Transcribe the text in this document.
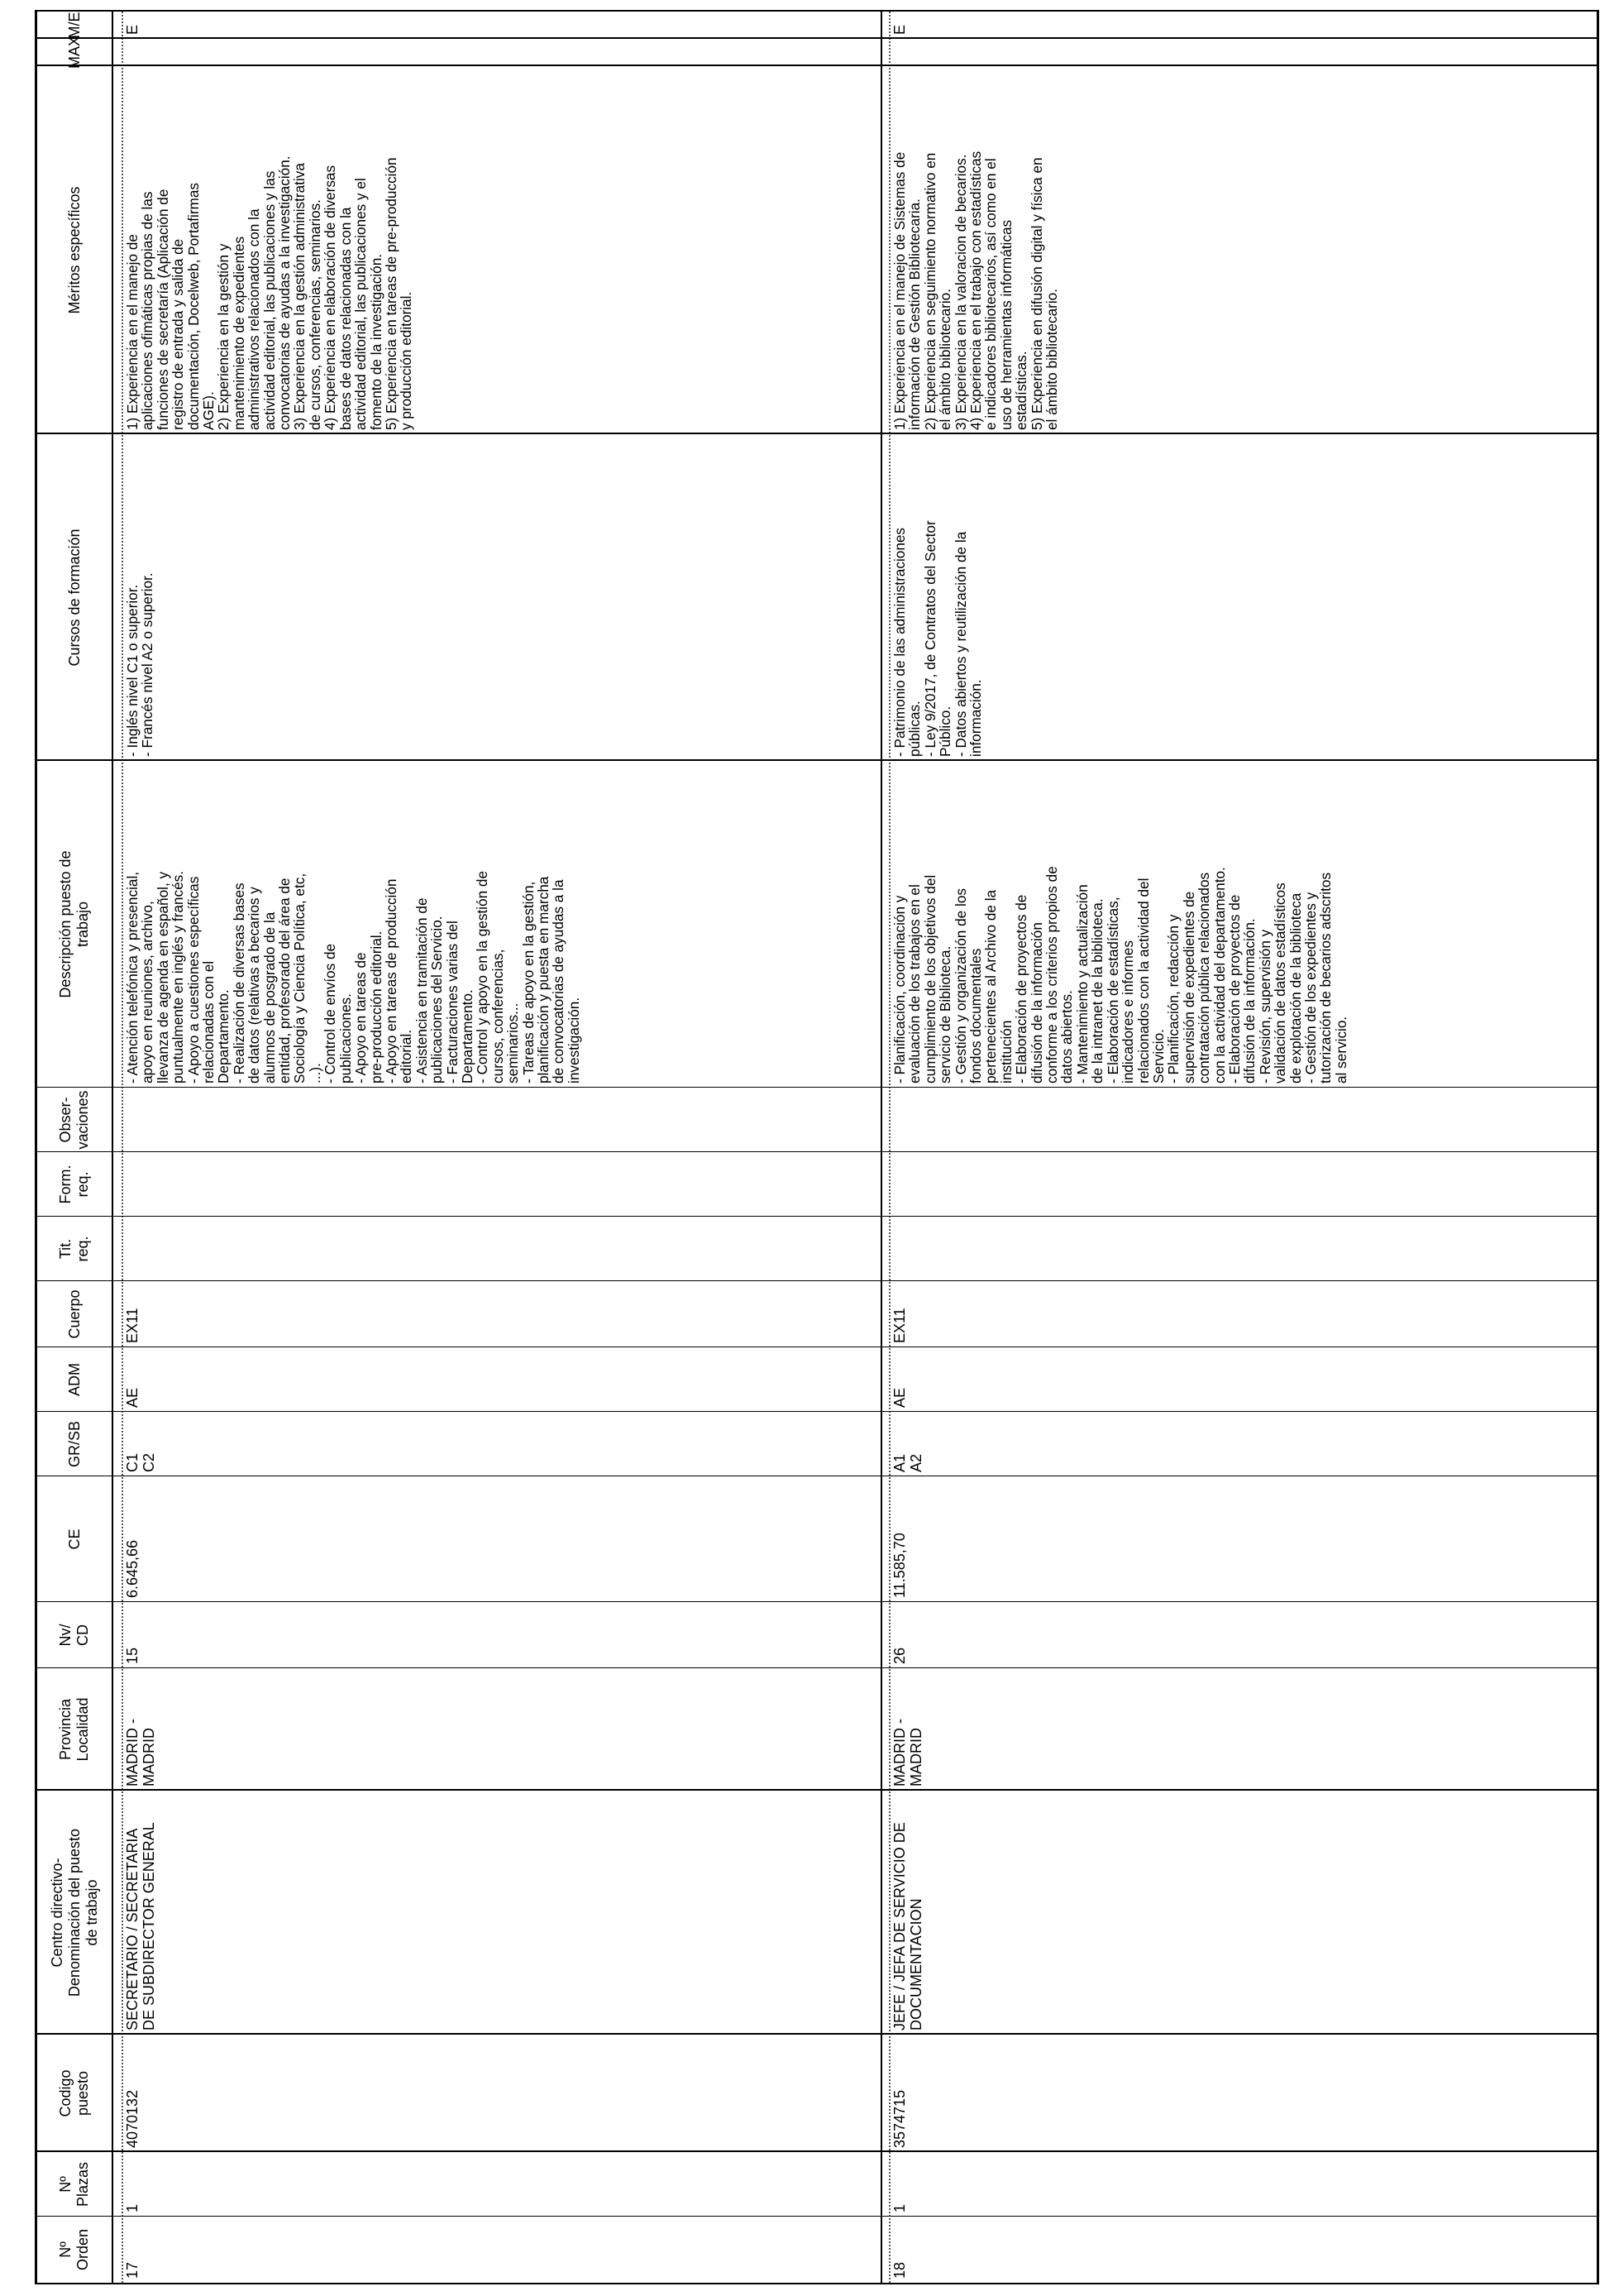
Nº
Orden
Nº
Plazas
Codigo
puesto
Centro directivo-
Denominación del puesto
de trabajo
Provincia
Localidad
Nv/
CD
CE
GR/SB
ADM
Cuerpo
Tit.
req.
Form.
req.
Obser-
vaciones
Descripción puesto de
trabajo
Cursos de formación
Méritos específicos
MAX
M/E
17
1
4070132
SECRETARIO / SECRETARIA
DE SUBDIRECTOR GENERAL
MADRID -
MADRID
15
6.645,66
C1
C2
AE
EX11
- Atención telefónica y presencial,
apoyo en reuniones, archivo,
llevanza de agenda en español, y
puntualmente en inglés y francés.
- Apoyo a cuestiones específicas
relacionadas con el
Departamento.
- Realización de diversas bases
de datos (relativas a becarios y
alumnos de posgrado de la
entidad, profesorado del área de
Sociología y Ciencia Política, etc,
...).
- Control de envíos de
publicaciones.
- Apoyo en tareas de
pre-producción editorial.
- Apoyo en tareas de producción
editorial.
- Asistencia en tramitación de
publicaciones del Servicio.
- Facturaciones varias del
Departamento.
- Control y apoyo en la gestión de
cursos, conferencias,
seminarios...
- Tareas de apoyo en la gestión,
planificación y puesta en marcha
de convocatorias de ayudas a la
investigación.
- Inglés nivel C1 o superior.
- Francés nivel A2 o superior.
1) Experiencia en el manejo de
aplicaciones ofimáticas propias de las
funciones de secretaría (Aplicación de
registro de entrada y salida de
documentación, Docelweb, Portafirmas
AGE).
2) Experiencia en la gestión y
mantenimiento de expedientes
administrativos relacionados con la
actividad editorial, las publicaciones y las
convocatorias de ayudas a la investigación.
3) Experiencia en la gestión administrativa
de cursos, conferencias, seminarios.
4) Experiencia en elaboración de diversas
bases de datos relacionadas con la
actividad editorial, las publicaciones y el
fomento de la investigación.
5) Experiencia en tareas de pre-producción
y producción editorial.
E
18
1
3574715
JEFE / JEFA DE SERVICIO DE
DOCUMENTACION
MADRID -
MADRID
26
11.585,70
A1
A2
AE
EX11
- Planificación, coordinación y
evaluación de los trabajos en el
cumplimiento de los objetivos del
servicio de Biblioteca.
- Gestión y organización de los
fondos documentales
pertenecientes al Archivo de la
institución
- Elaboración de proyectos de
difusión de la información
conforme a los criterios propios de
datos abiertos.
- Mantenimiento y actualización
de la intranet de la biblioteca.
- Elaboración de estadísticas,
indicadores e informes
relacionados con la actividad del
Servicio.
- Planificación, redacción y
supervisión de expedientes de
contratación pública relacionados
con la actividad del departamento.
- Elaboración de proyectos de
difusión de la información.
- Revisión, supervisión y
validación de datos estadísticos
de explotación de la biblioteca
- Gestión de los expedientes y
tutorización de becarios adscritos
al servicio.
- Patrimonio de las administraciones
públicas.
- Ley 9/2017, de Contratos del Sector
Público.
- Datos abiertos y reutilización de la
información.
1) Experiencia en el manejo de Sistemas de
información de Gestión Bibliotecaria.
2) Experiencia en seguimiento normativo en
el ámbito bibliotecario.
3) Experiencia en la valoracion de becarios.
4) Experiencia en el trabajo con estadísticas
e indicadores bibliotecarios, así como en el
uso de herramientas informáticas
estadísticas.
5) Experiencia en difusión digital y física en
el ámbito bibliotecario.
E
